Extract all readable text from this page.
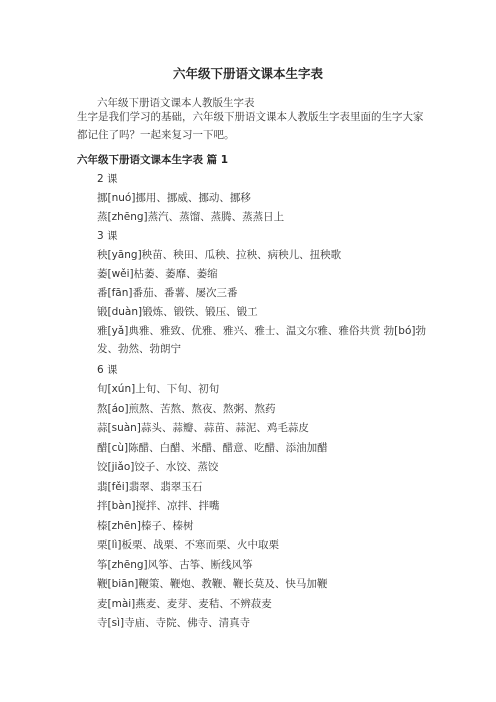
六年级下册语文课本生字表
六年级下册语文课本人教版生字表
生字是我们学习的基础，六年级下册语文课本人教版生字表里面的生字大家都记住了吗？一起来复习一下吧。
六年级下册语文课本生字表 篇 1
2 课
挪[nuó]挪用、挪威、挪动、挪移
蒸[zhēng]蒸汽、蒸馏、蒸腾、蒸蒸日上
3 课
秧[yāng]秧苗、秧田、瓜秧、拉秧、病秧儿、扭秧歌
萎[wěi]枯萎、萎靡、萎缩
番[fān]番茄、番薯、屡次三番
锻[duàn]锻炼、锻铁、锻压、锻工
雅[yǎ]典雅、雅致、优雅、雅兴、雅士、温文尔雅、雅俗共赏 勃[bó]勃发、勃然、勃朗宁
6 课
旬[xún]上旬、下旬、初旬
熬[áo]煎熬、苦熬、熬夜、熬粥、熬药
蒜[suàn]蒜头、蒜瓣、蒜苗、蒜泥、鸡毛蒜皮
醋[cù]陈醋、白醋、米醋、醋意、吃醋、添油加醋
饺[jiǎo]饺子、水饺、蒸饺
翡[fěi]翡翠、翡翠玉石
拌[bàn]搅拌、凉拌、拌嘴
榛[zhēn]榛子、榛树
栗[lì]板栗、战栗、不寒而栗、火中取栗
筝[zhēng]风筝、古筝、断线风筝
鞭[biān]鞭策、鞭炮、教鞭、鞭长莫及、快马加鞭
麦[mài]燕麦、麦芽、麦秸、不辨菽麦
寺[sì]寺庙、寺院、佛寺、清真寺
